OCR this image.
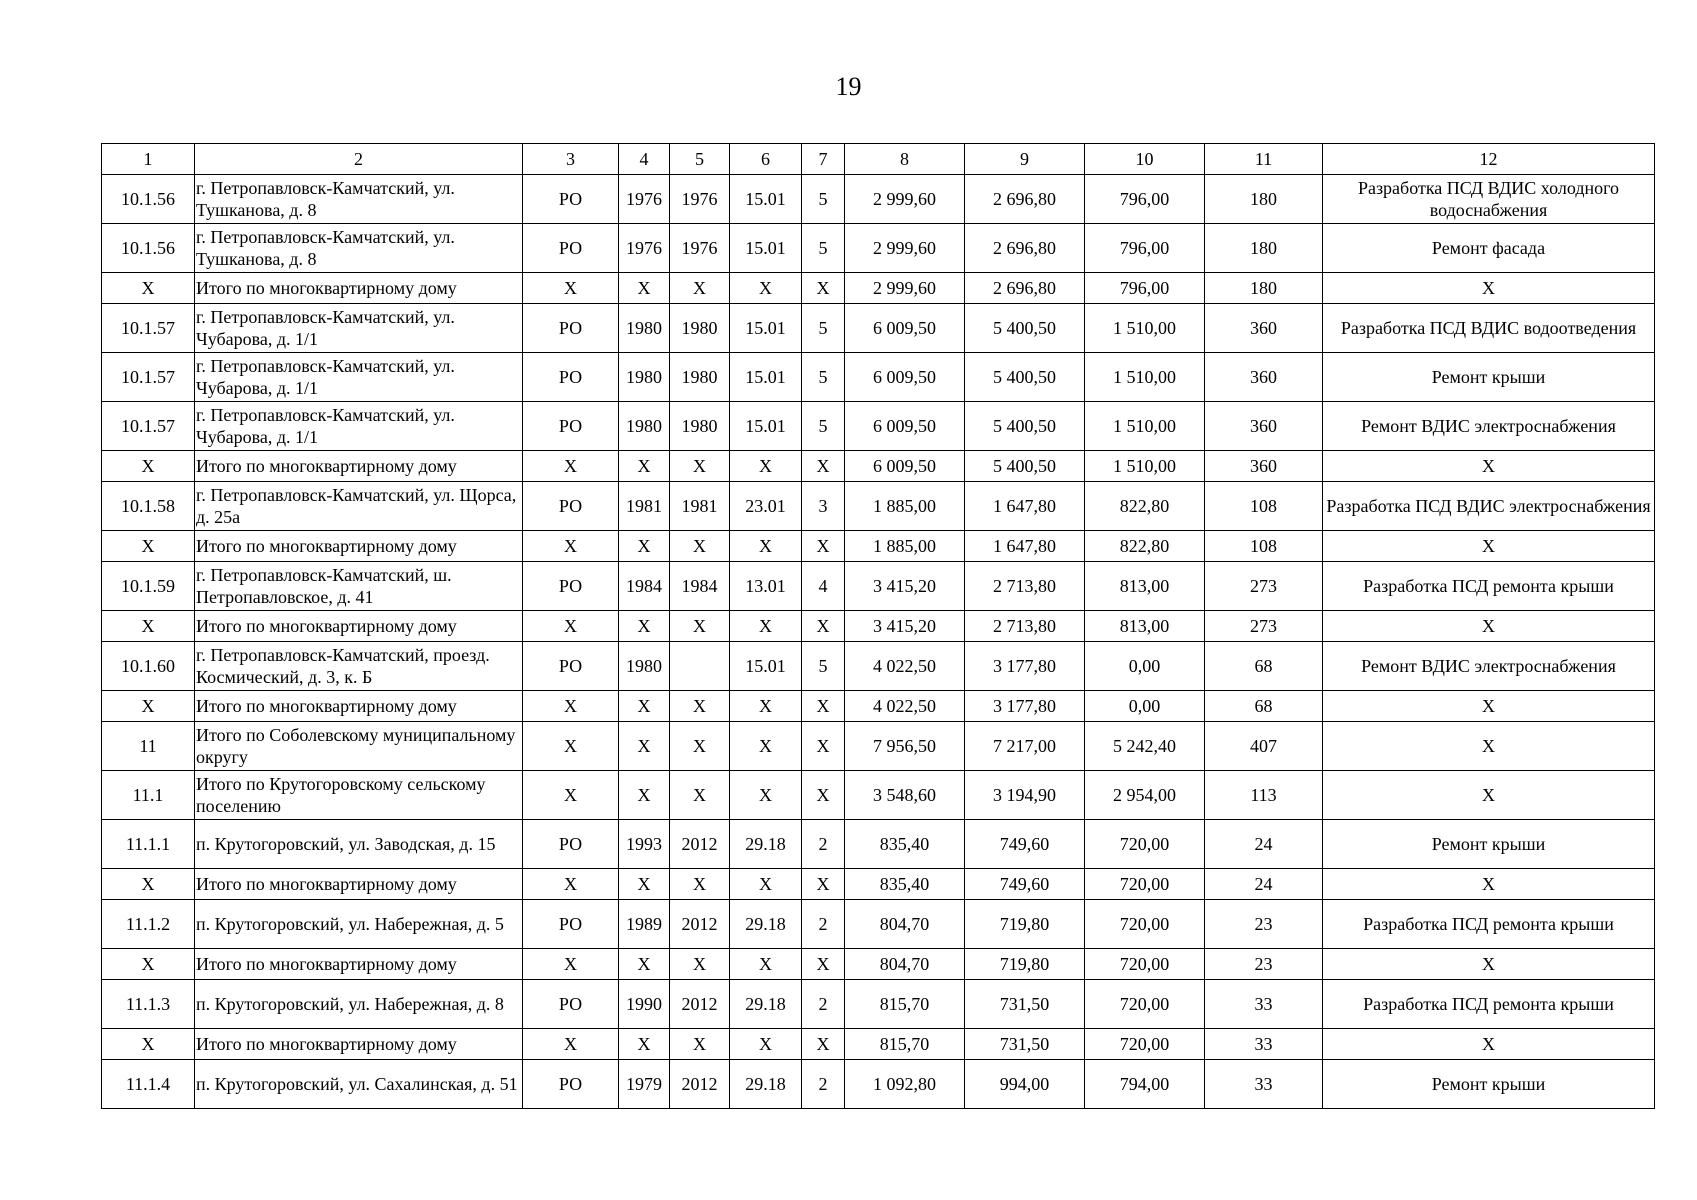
19
1	2	3	4	5	6	7	8	9	10	11	12
10.1.56	г. Петропавловск-Камчатский, ул. Тушканова, д. 8	РО	1976	1976	15.01	5	2 999,60	2 696,80	796,00	180	Разработка ПСД ВДИС холодного водоснабжения
10.1.56	г. Петропавловск-Камчатский, ул. Тушканова, д. 8	РО	1976	1976	15.01	5	2 999,60	2 696,80	796,00	180	Ремонт фасада
X	Итого по многоквартирному дому	X	X	X	X	X	2 999,60	2 696,80	796,00	180	X
10.1.57	г. Петропавловск-Камчатский, ул. Чубарова, д. 1/1	РО	1980	1980	15.01	5	6 009,50	5 400,50	1 510,00	360	Разработка ПСД ВДИС водоотведения
10.1.57	г. Петропавловск-Камчатский, ул. Чубарова, д. 1/1	РО	1980	1980	15.01	5	6 009,50	5 400,50	1 510,00	360	Ремонт крыши
10.1.57	г. Петропавловск-Камчатский, ул. Чубарова, д. 1/1	РО	1980	1980	15.01	5	6 009,50	5 400,50	1 510,00	360	Ремонт ВДИС электроснабжения
X	Итого по многоквартирному дому	X	X	X	X	X	6 009,50	5 400,50	1 510,00	360	X
10.1.58	г. Петропавловск-Камчатский, ул. Щорса, д. 25а	РО	1981	1981	23.01	3	1 885,00	1 647,80	822,80	108	Разработка ПСД ВДИС электроснабжения
X	Итого по многоквартирному дому	X	X	X	X	X	1 885,00	1 647,80	822,80	108	X
10.1.59	г. Петропавловск-Камчатский, ш. Петропавловское, д. 41	РО	1984	1984	13.01	4	3 415,20	2 713,80	813,00	273	Разработка ПСД ремонта крыши
X	Итого по многоквартирному дому	X	X	X	X	X	3 415,20	2 713,80	813,00	273	X
10.1.60	г. Петропавловск-Камчатский, проезд. Космический, д. 3, к. Б	РО	1980		15.01	5	4 022,50	3 177,80	0,00	68	Ремонт ВДИС электроснабжения
X	Итого по многоквартирному дому	X	X	X	X	X	4 022,50	3 177,80	0,00	68	X
11	Итого по Соболевскому муниципальному округу	X	X	X	X	X	7 956,50	7 217,00	5 242,40	407	X
11.1	Итого по Крутогоровскому сельскому поселению	X	X	X	X	X	3 548,60	3 194,90	2 954,00	113	X
11.1.1	п. Крутогоровский, ул. Заводская, д. 15	РО	1993	2012	29.18	2	835,40	749,60	720,00	24	Ремонт крыши
X	Итого по многоквартирному дому	X	X	X	X	X	835,40	749,60	720,00	24	X
11.1.2	п. Крутогоровский, ул. Набережная, д. 5	РО	1989	2012	29.18	2	804,70	719,80	720,00	23	Разработка ПСД ремонта крыши
X	Итого по многоквартирному дому	X	X	X	X	X	804,70	719,80	720,00	23	X
11.1.3	п. Крутогоровский, ул. Набережная, д. 8	РО	1990	2012	29.18	2	815,70	731,50	720,00	33	Разработка ПСД ремонта крыши
X	Итого по многоквартирному дому	X	X	X	X	X	815,70	731,50	720,00	33	X
11.1.4	п. Крутогоровский, ул. Сахалинская, д. 51	РО	1979	2012	29.18	2	1 092,80	994,00	794,00	33	Ремонт крыши
